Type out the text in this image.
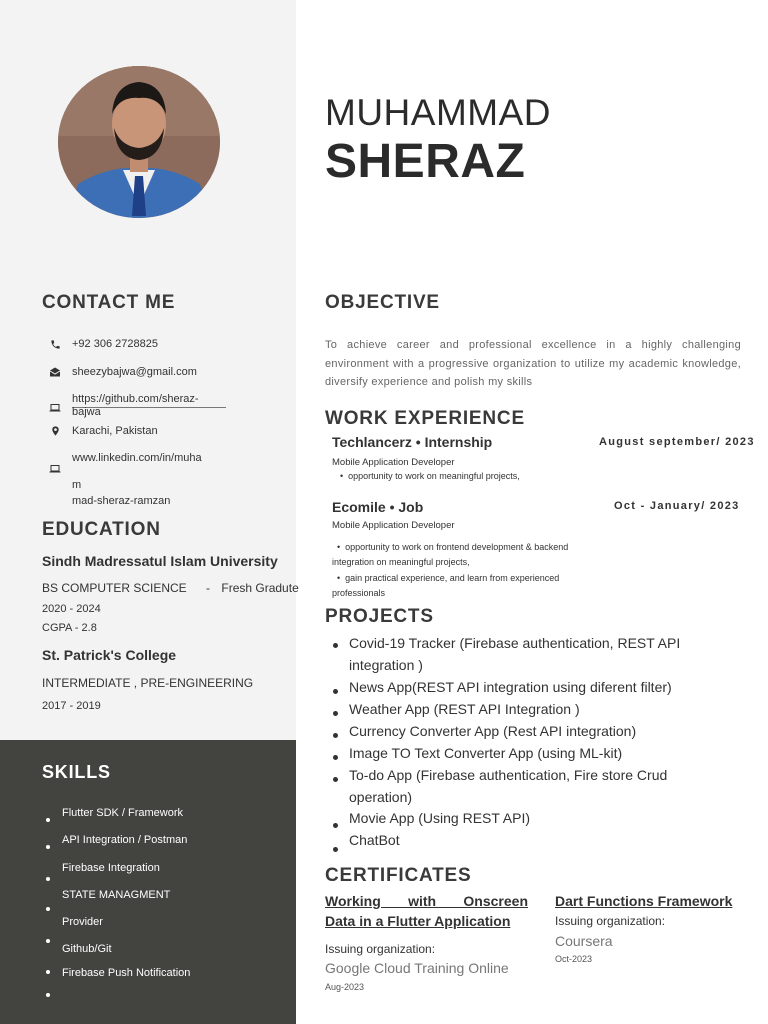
CONTACT ME
+92 306 2728825
sheezybajwa@gmail.com
https://github.com/sheraz-
bajwa
Karachi, Pakistan
www.linkedin.com/in/muha
m
mad-sheraz-ramzan
EDUCATION
Sindh Madressatul Islam University
BS COMPUTER SCIENCE - Fresh Gradute
2020 - 2024
CGPA - 2.8
St. Patrick's College
INTERMEDIATE , PRE-ENGINEERING
2017 - 2019
SKILLS
Flutter SDK / Framework
API Integration / Postman
Firebase Integration
STATE MANAGMENT
Provider
Github/Git
Firebase Push Notification
MUHAMMAD
SHERAZ
OBJECTIVE
To achieve career and professional excellence in a highly challenging environment with a progressive organization to utilize my academic knowledge, diversify experience and polish my skills
WORK EXPERIENCE
Techlancerz • Internship	August september/ 2023
Mobile Application Developer
•  opportunity to work on meaningful projects,
Ecomile • Job	Oct - January/ 2023
Mobile Application Developer
•  opportunity to work on frontend development & backend
integration on meaningful projects,
•  gain practical experience, and learn from experienced
professionals
PROJECTS
Covid-19 Tracker (Firebase authentication, REST API
integration )
News App(REST API integration using diferent filter)
Weather App (REST API Integration )
Currency Converter App (Rest API integration)
Image TO Text Converter App (using ML-kit)
To-do App (Firebase authentication, Fire store Crud
operation)
Movie App (Using REST API)
ChatBot
CERTIFICATES
Working with Onscreen
Data in a Flutter Application
Issuing organization:
Google Cloud Training Online
Aug-2023
Dart Functions Framework
Issuing organization:
Coursera
Oct-2023
